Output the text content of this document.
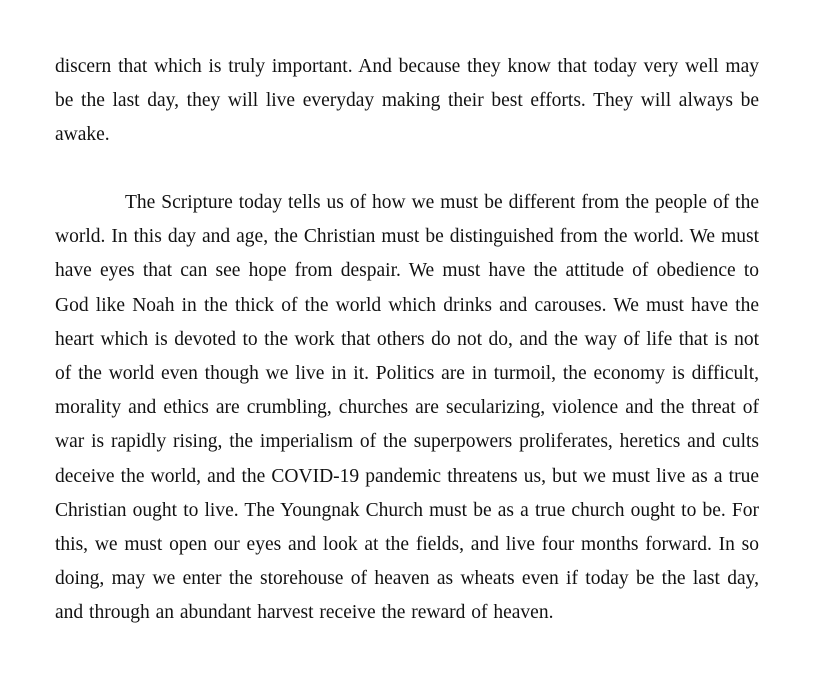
discern that which is truly important. And because they know that today very well may be the last day, they will live everyday making their best efforts. They will always be awake.

The Scripture today tells us of how we must be different from the people of the world. In this day and age, the Christian must be distinguished from the world. We must have eyes that can see hope from despair. We must have the attitude of obedience to God like Noah in the thick of the world which drinks and carouses. We must have the heart which is devoted to the work that others do not do, and the way of life that is not of the world even though we live in it. Politics are in turmoil, the economy is difficult, morality and ethics are crumbling, churches are secularizing, violence and the threat of war is rapidly rising, the imperialism of the superpowers proliferates, heretics and cults deceive the world, and the COVID-19 pandemic threatens us, but we must live as a true Christian ought to live. The Youngnak Church must be as a true church ought to be. For this, we must open our eyes and look at the fields, and live four months forward. In so doing, may we enter the storehouse of heaven as wheats even if today be the last day, and through an abundant harvest receive the reward of heaven.
